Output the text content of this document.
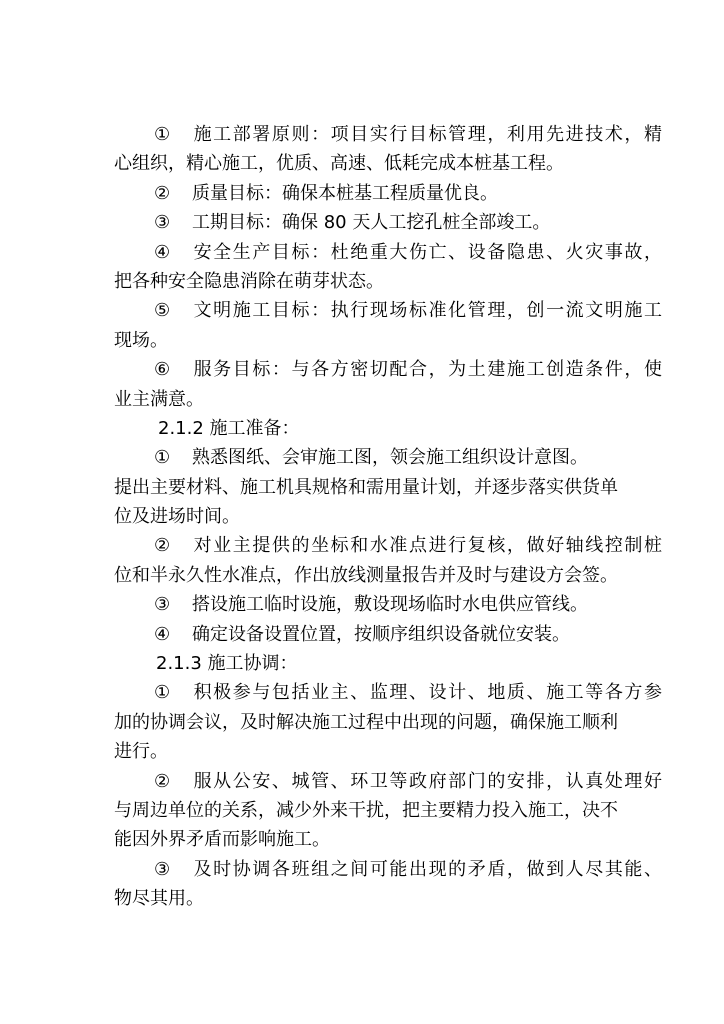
① 施工部署原则：项目实行目标管理，利用先进技术，精
心组织，精心施工，优质、高速、低耗完成本桩基工程。
② 质量目标：确保本桩基工程质量优良。
③ 工期目标：确保 80 天人工挖孔桩全部竣工。
④ 安全生产目标：杜绝重大伤亡、设备隐患、火灾事故，
把各种安全隐患消除在萌芽状态。
⑤ 文明施工目标：执行现场标准化管理，创一流文明施工
现场。
⑥ 服务目标：与各方密切配合，为土建施工创造条件，使
业主满意。
2.1.2 施工准备：
① 熟悉图纸、会审施工图，领会施工组织设计意图。
提出主要材料、施工机具规格和需用量计划，并逐步落实供货单
位及进场时间。
② 对业主提供的坐标和水准点进行复核，做好轴线控制桩
位和半永久性水准点，作出放线测量报告并及时与建设方会签。
③ 搭设施工临时设施，敷设现场临时水电供应管线。
④ 确定设备设置位置，按顺序组织设备就位安装。
2.1.3 施工协调：
① 积极参与包括业主、监理、设计、地质、施工等各方参
加的协调会议，及时解决施工过程中出现的问题，确保施工顺利
进行。
② 服从公安、城管、环卫等政府部门的安排，认真处理好
与周边单位的关系，减少外来干扰，把主要精力投入施工，决不
能因外界矛盾而影响施工。
③ 及时协调各班组之间可能出现的矛盾，做到人尽其能、
物尽其用。
